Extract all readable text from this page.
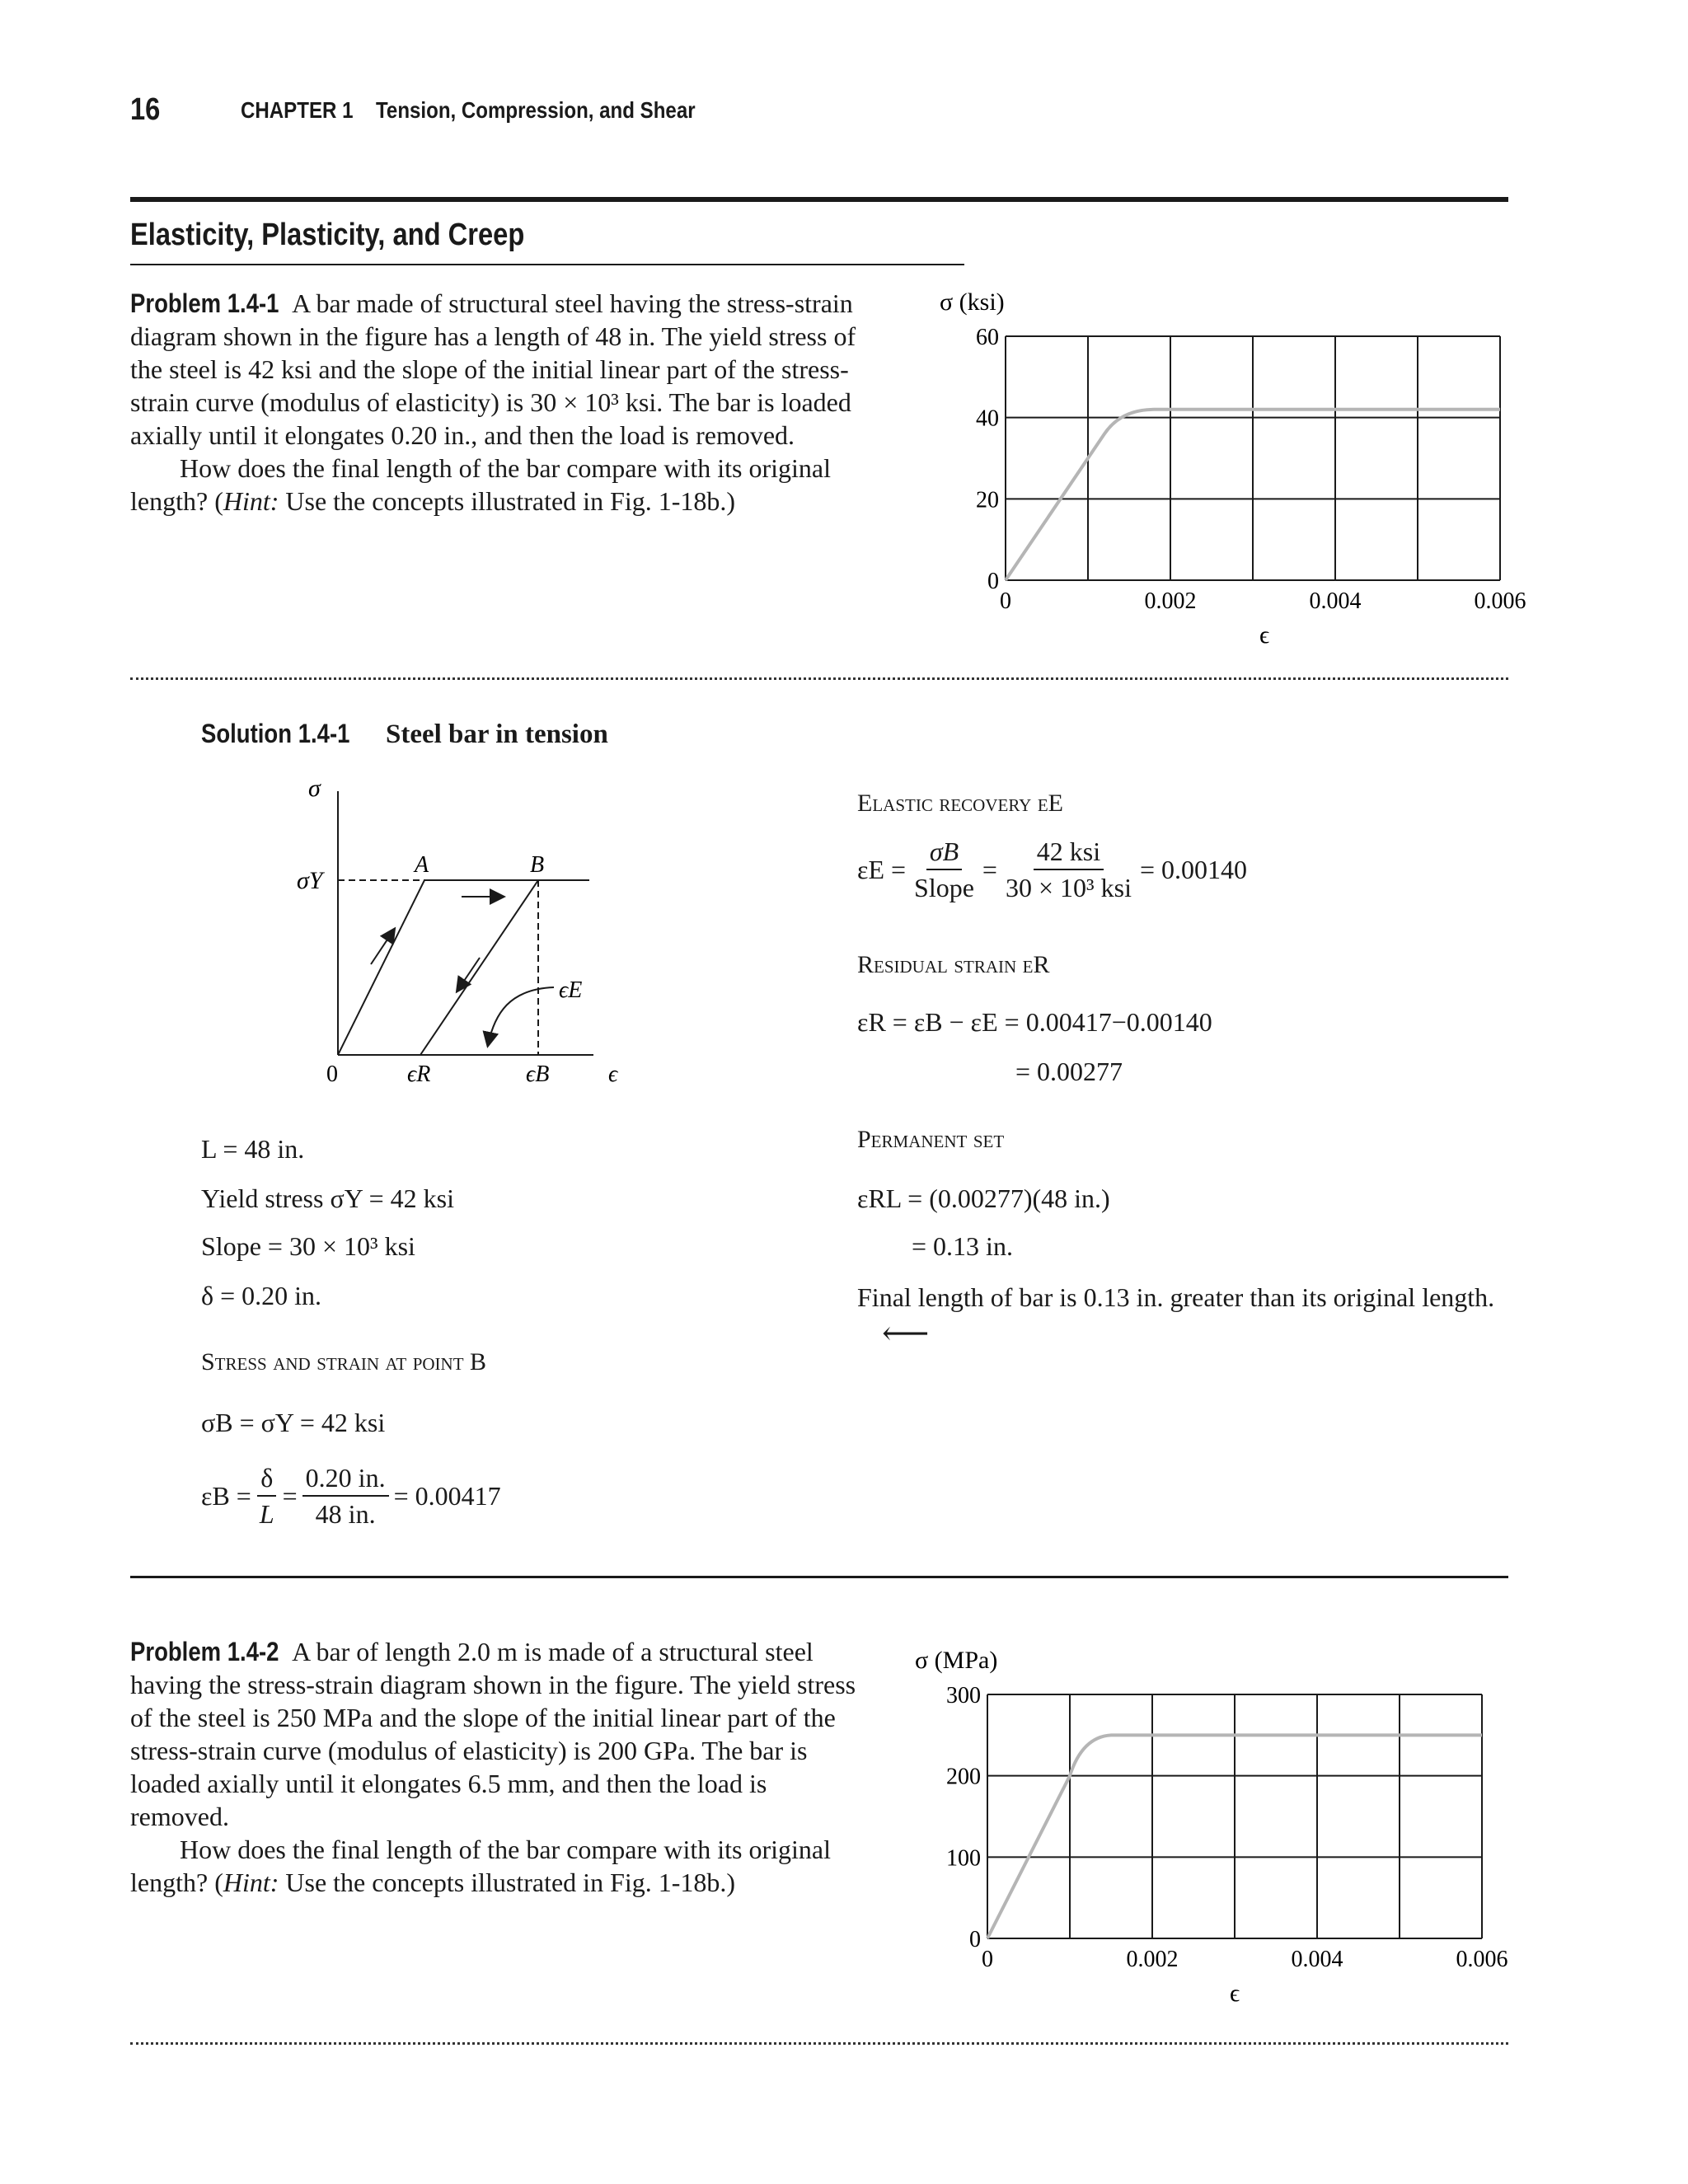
16	CHAPTER 1 Tension, Compression, and Shear
Elasticity, Plasticity, and Creep
Problem 1.4-1 A bar made of structural steel having the stress-strain diagram shown in the figure has a length of 48 in. The yield stress of the steel is 42 ksi and the slope of the initial linear part of the stress-strain curve (modulus of elasticity) is 30 × 10³ ksi. The bar is loaded axially until it elongates 0.20 in., and then the load is removed.
How does the final length of the bar compare with its original length? (Hint: Use the concepts illustrated in Fig. 1-18b.)
σ (ksi)
ϵ
0
20
40
60
0	0.002	0.004	0.006
Solution 1.4-1 Steel bar in tension
σ
σY
A	B
ϵE
0	ϵR	ϵB	ϵ
L = 48 in.
Yield stress σY = 42 ksi
Slope = 30 × 10³ ksi
δ = 0.20 in.
Stress and strain at point B
σB = σY = 42 ksi
$\varepsilon B = \frac{\delta}{L} = \frac{0.20 in.}{48 in.} = 0.00417$
Elastic recovery εE
$\varepsilon E = \frac{\sigma B}{\text{Slope}} = \frac{\text{42 ksi}}{\text{30 × 10³ ksi}} = 0.00140$
Residual strain εR
εR = εB − εE = 0.00417−0.00140
= 0.00277
Permanent set
εRL = (0.00277)(48 in.)
= 0.13 in.
Final length of bar is 0.13 in. greater than its original length. ⟵
Problem 1.4-2 A bar of length 2.0 m is made of a structural steel having the stress-strain diagram shown in the figure. The yield stress of the steel is 250 MPa and the slope of the initial linear part of the stress-strain curve (modulus of elasticity) is 200 GPa. The bar is loaded axially until it elongates 6.5 mm, and then the load is removed.
How does the final length of the bar compare with its original length? (Hint: Use the concepts illustrated in Fig. 1-18b.)
σ (MPa)
ϵ
0
100
200
300
0	0.002	0.004	0.006
